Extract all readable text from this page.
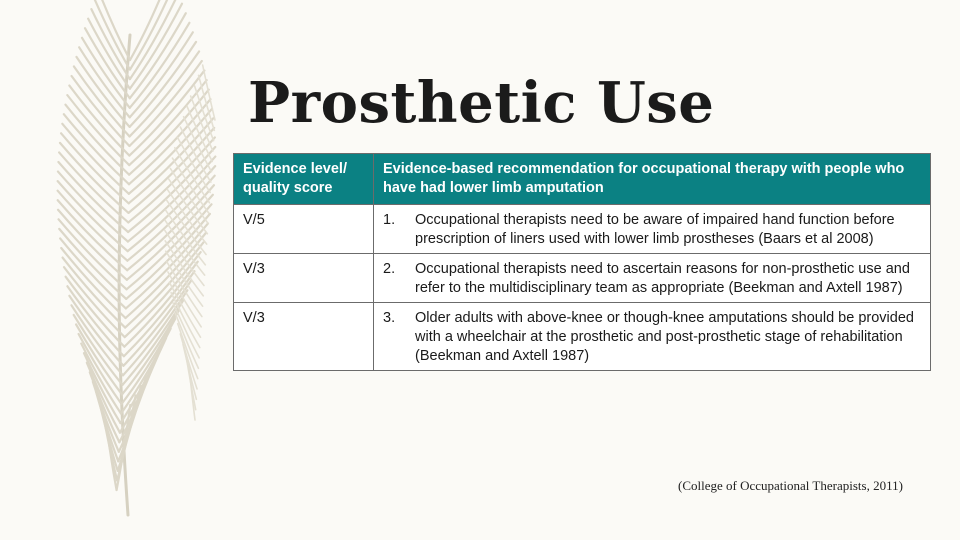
Prosthetic Use
Evidence level/ quality score	Evidence-based recommendation for occupational therapy with people who have had lower limb amputation
V/5	1. Occupational therapists need to be aware of impaired hand function before prescription of liners used with lower limb prostheses (Baars et al 2008)

V/3	2. Occupational therapists need to ascertain reasons for non-prosthetic use and refer to the multidisciplinary team as appropriate (Beekman and Axtell 1987)

V/3	3. Older adults with above-knee or though-knee amputations should be provided with a wheelchair at the prosthetic and post-prosthetic stage of rehabilitation (Beekman and Axtell 1987)
(College of Occupational Therapists, 2011)
